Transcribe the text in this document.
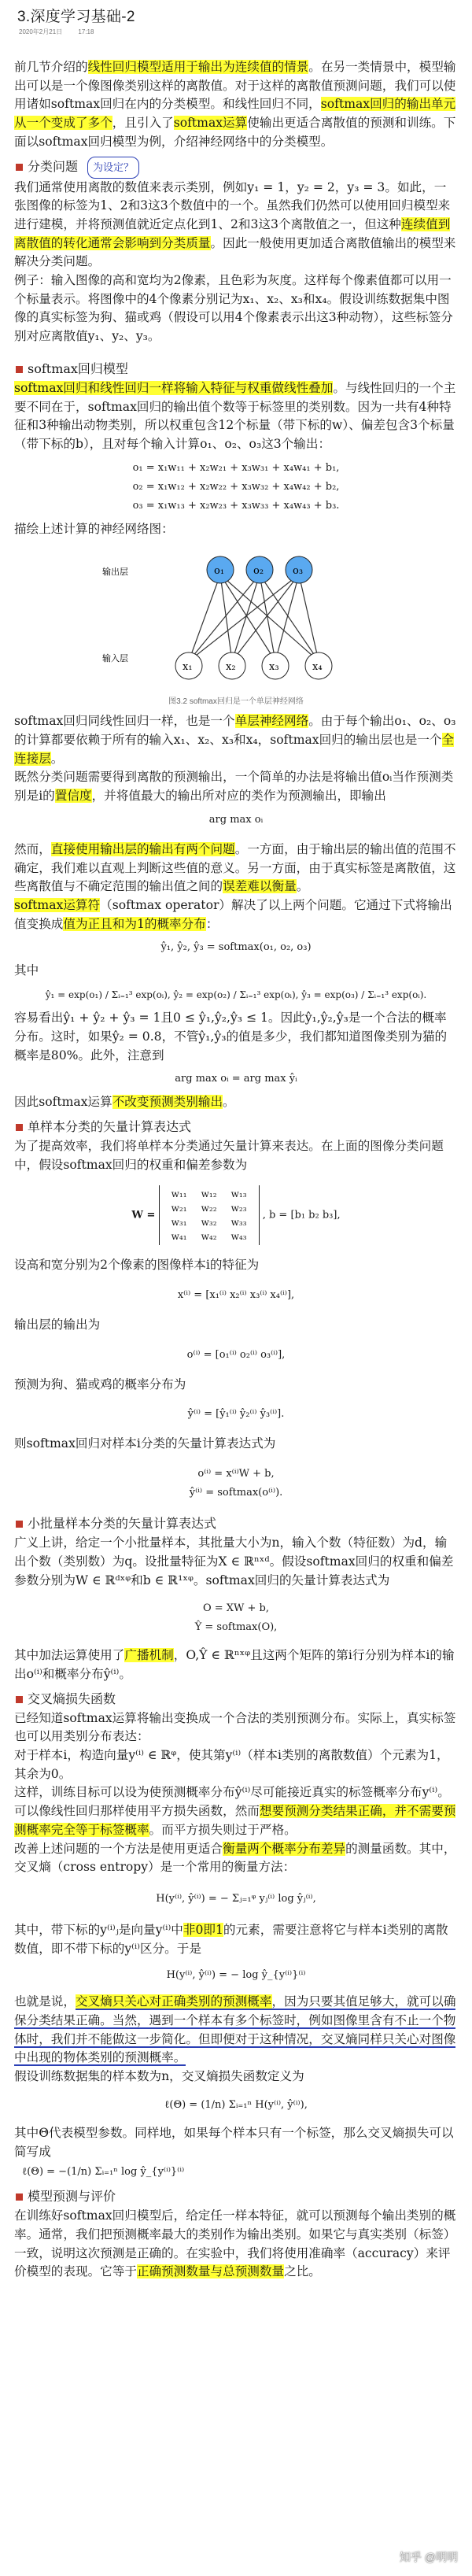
3.深度学习基础-2
2020年2月21日	17:18

前几节介绍的线性回归模型适用于输出为连续值的情景。在另一类情景中，模型输出可以是一个像图像类别这样的离散值。对于这样的离散值预测问题，我们可以使用诸如softmax回归在内的分类模型。和线性回归不同，softmax回归的输出单元从一个变成了多个，且引入了softmax运算使输出更适合离散值的预测和训练。下面以softmax回归模型为例，介绍神经网络中的分类模型。

分类问题 为设定？

我们通常使用离散的数值来表示类别，例如y₁ = 1，y₂ = 2，y₃ = 3。如此，一张图像的标签为1、2和3这3个数值中的一个。虽然我们仍然可以使用回归模型来进行建模，并将预测值就近定点化到1、2和3这3个离散值之一，但这种连续值到离散值的转化通常会影响到分类质量。因此一般使用更加适合离散值输出的模型来解决分类问题。

例子：输入图像的高和宽均为2像素，且色彩为灰度。这样每个像素值都可以用一个标量表示。将图像中的4个像素分别记为x₁、x₂、x₃和x₄。假设训练数据集中图像的真实标签为狗、猫或鸡（假设可以用4个像素表示出这3种动物），这些标签分别对应离散值y₁、y₂、y₃。

softmax回归模型

softmax回归和线性回归一样将输入特征与权重做线性叠加。与线性回归的一个主要不同在于，softmax回归的输出值个数等于标签里的类别数。因为一共有4种特征和3种输出动物类别，所以权重包含12个标量（带下标的w）、偏差包含3个标量（带下标的b），且对每个输入计算o₁、o₂、o₃这3个输出：

o₁ = x₁w₁₁ + x₂w₂₁ + x₃w₃₁ + x₄w₄₁ + b₁,
o₂ = x₁w₁₂ + x₂w₂₂ + x₃w₃₂ + x₄w₄₂ + b₂,
o₃ = x₁w₁₃ + x₂w₂₃ + x₃w₃₃ + x₄w₄₃ + b₃.

描绘上述计算的神经网络图：

输出层
输入层
o₁	o₂	o₃
x₁	x₂	x₃	x₄
图3.2 softmax回归是一个单层神经网络

softmax回归同线性回归一样，也是一个单层神经网络。由于每个输出o₁、o₂、o₃的计算都要依赖于所有的输入x₁、x₂、x₃和x₄，softmax回归的输出层也是一个全连接层。

既然分类问题需要得到离散的预测输出，一个简单的办法是将输出值oᵢ当作预测类别是i的置信度，并将值最大的输出所对应的类作为预测输出，即输出

arg max oᵢ

然而，直接使用输出层的输出有两个问题。一方面，由于输出层的输出值的范围不确定，我们难以直观上判断这些值的意义。另一方面，由于真实标签是离散值，这些离散值与不确定范围的输出值之间的误差难以衡量。

softmax运算符（softmax operator）解决了以上两个问题。它通过下式将输出值变换成值为正且和为1的概率分布：

ŷ₁, ŷ₂, ŷ₃ = softmax(o₁, o₂, o₃)

其中

ŷ₁ = exp(o₁) / Σᵢ₌₁³ exp(oᵢ), ŷ₂ = exp(o₂) / Σᵢ₌₁³ exp(oᵢ), ŷ₃ = exp(o₃) / Σᵢ₌₁³ exp(oᵢ).

容易看出ŷ₁ + ŷ₂ + ŷ₃ = 1且0 ≤ ŷ₁,ŷ₂,ŷ₃ ≤ 1。因此ŷ₁,ŷ₂,ŷ₃是一个合法的概率分布。这时，如果ŷ₂ = 0.8，不管ŷ₁,ŷ₃的值是多少，我们都知道图像类别为猫的概率是80%。此外，注意到

arg max oᵢ = arg max ŷᵢ

因此softmax运算不改变预测类别输出。

单样本分类的矢量计算表达式

为了提高效率，我们将单样本分类通过矢量计算来表达。在上面的图像分类问题中，假设softmax回归的权重和偏差参数为

W =
w₁₁ w₁₂ w₁₃
w₂₁ w₂₂ w₂₃
w₃₁ w₃₂ w₃₃
w₄₁ w₄₂ w₄₃
, b = [b₁ b₂ b₃],

设高和宽分别为2个像素的图像样本i的特征为

x⁽ⁱ⁾ = [x₁⁽ⁱ⁾ x₂⁽ⁱ⁾ x₃⁽ⁱ⁾ x₄⁽ⁱ⁾],

输出层的输出为

o⁽ⁱ⁾ = [o₁⁽ⁱ⁾ o₂⁽ⁱ⁾ o₃⁽ⁱ⁾],

预测为狗、猫或鸡的概率分布为

ŷ⁽ⁱ⁾ = [ŷ₁⁽ⁱ⁾ ŷ₂⁽ⁱ⁾ ŷ₃⁽ⁱ⁾].

则softmax回归对样本i分类的矢量计算表达式为

o⁽ⁱ⁾ = x⁽ⁱ⁾W + b,
ŷ⁽ⁱ⁾ = softmax(o⁽ⁱ⁾).
小批量样本分类的矢量计算表达式

广义上讲，给定一个小批量样本，其批量大小为n，输入个数（特征数）为d，输出个数（类别数）为q。设批量特征为X ∈ ℝⁿˣᵈ。假设softmax回归的权重和偏差参数分别为W ∈ ℝᵈˣᵠ和b ∈ ℝ¹ˣᵠ。softmax回归的矢量计算表达式为

O = XW + b,
Ŷ = softmax(O),

其中加法运算使用了广播机制，O,Ŷ ∈ ℝⁿˣᵠ且这两个矩阵的第i行分别为样本i的输出o⁽ⁱ⁾和概率分布ŷ⁽ⁱ⁾。

交叉熵损失函数

已经知道softmax运算将输出变换成一个合法的类别预测分布。实际上，真实标签也可以用类别分布表达：

对于样本i，构造向量y⁽ⁱ⁾ ∈ ℝᵠ，使其第y⁽ⁱ⁾（样本i类别的离散数值）个元素为1，其余为0。

这样，训练目标可以设为使预测概率分布ŷ⁽ⁱ⁾尽可能接近真实的标签概率分布y⁽ⁱ⁾。

可以像线性回归那样使用平方损失函数，然而想要预测分类结果正确，并不需要预测概率完全等于标签概率。而平方损失则过于严格。

改善上述问题的一个方法是使用更适合衡量两个概率分布差异的测量函数。其中，交叉熵（cross entropy）是一个常用的衡量方法：

H(y⁽ⁱ⁾, ŷ⁽ⁱ⁾) = − Σⱼ₌₁ᵠ yⱼ⁽ⁱ⁾ log ŷⱼ⁽ⁱ⁾,

其中，带下标的y⁽ⁱ⁾ⱼ是向量y⁽ⁱ⁾中非0即1的元素，需要注意将它与样本i类别的离散数值，即不带下标的y⁽ⁱ⁾区分。于是

H(y⁽ⁱ⁾, ŷ⁽ⁱ⁾) = − log ŷ_{y⁽ⁱ⁾}⁽ⁱ⁾

也就是说，交叉熵只关心对正确类别的预测概率，因为只要其值足够大，就可以确保分类结果正确。当然，遇到一个样本有多个标签时，例如图像里含有不止一个物体时，我们并不能做这一步简化。但即便对于这种情况，交叉熵同样只关心对图像中出现的物体类别的预测概率。

假设训练数据集的样本数为n，交叉熵损失函数定义为

ℓ(Θ) = (1/n) Σᵢ₌₁ⁿ H(y⁽ⁱ⁾, ŷ⁽ⁱ⁾),

其中Θ代表模型参数。同样地，如果每个样本只有一个标签，那么交叉熵损失可以简写成

ℓ(Θ) = −(1/n) Σᵢ₌₁ⁿ log ŷ_{y⁽ⁱ⁾}⁽ⁱ⁾
模型预测与评价

在训练好softmax回归模型后，给定任一样本特征，就可以预测每个输出类别的概率。通常，我们把预测概率最大的类别作为输出类别。如果它与真实类别（标签）一致，说明这次预测是正确的。在实验中，我们将使用准确率（accuracy）来评价模型的表现。它等于正确预测数量与总预测数量之比。

知乎 @明明
